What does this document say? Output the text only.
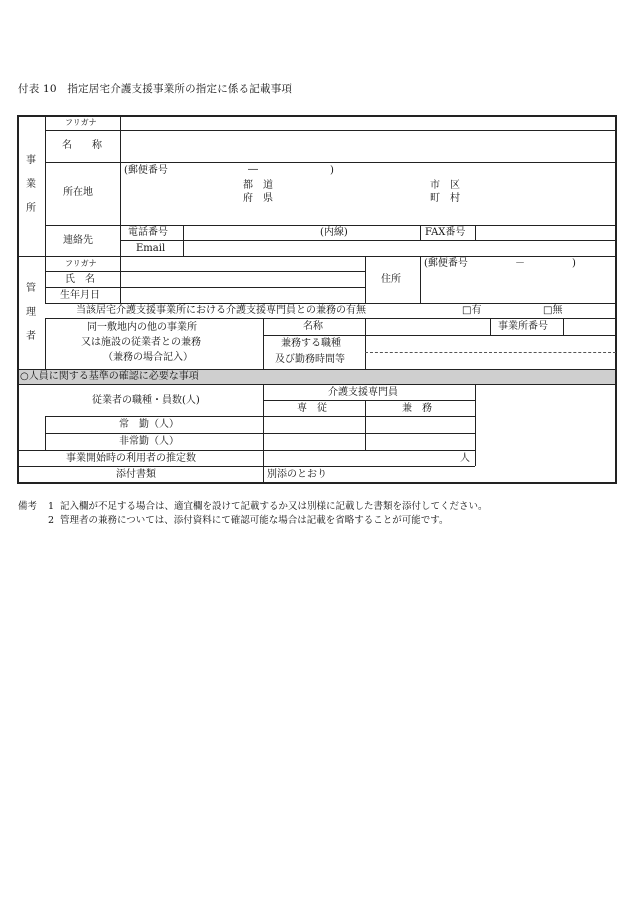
付表 10　指定居宅介護支援事業所の指定に係る記載事項
事
業
所
フリガナ
名　　称
所在地
(郵便番号	―	)
都　道
府　県
市　区
町　村
連絡先
電話番号	(内線)	FAX番号
Email
管
理
者
フリガナ
氏　名
生年月日
住所
(郵便番号	－	)
当該居宅介護支援事業所における介護支援専門員との兼務の有無	□有	□無
同一敷地内の他の事業所
又は施設の従業者との兼務
（兼務の場合記入）
名称	事業所番号
兼務する職種
及び勤務時間等
○人員に関する基準の確認に必要な事項
従業者の職種・員数(人)
介護支援専門員
専　従	兼　務
常　勤（人）
非常勤（人）
事業開始時の利用者の推定数	人
添付書類	別添のとおり
備考	1 記入欄が不足する場合は、適宜欄を設けて記載するか又は別様に記載した書類を添付してください。
2 管理者の兼務については、添付資料にて確認可能な場合は記載を省略することが可能です。
